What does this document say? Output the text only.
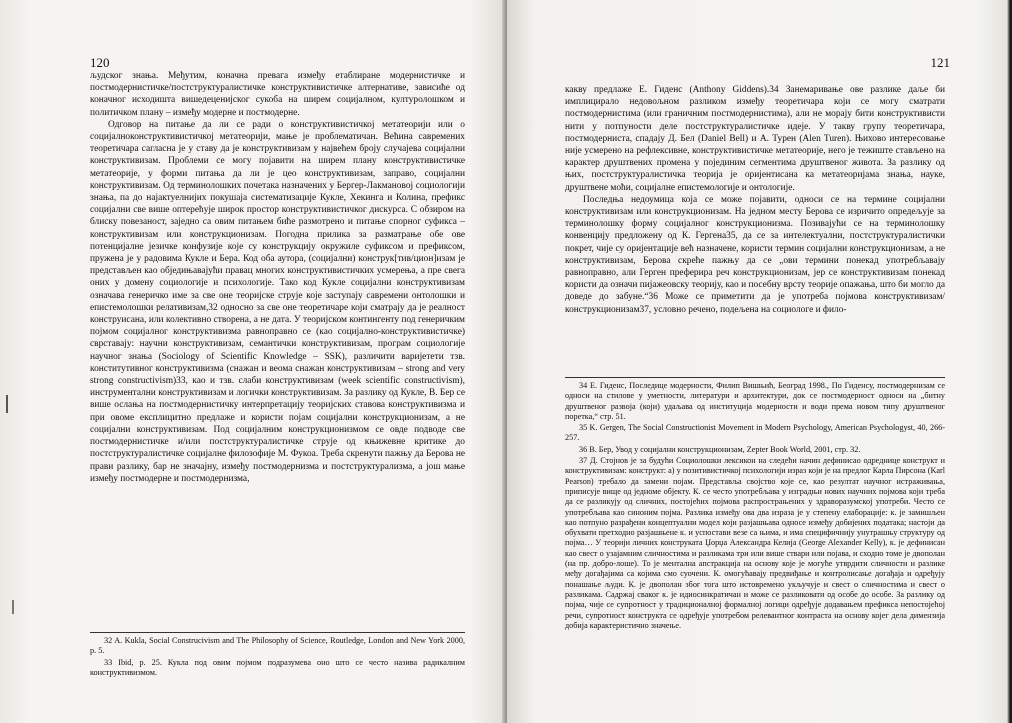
120

људског знања. Међутим, коначна превага између етаблиране модернистичке и постмодернистичке/постструктуралистичке конструктивистичке алтернативе, зависиће од коначног исходишта вишедеценијског сукоба на ширем социјалном, културолошком и политичком плану – између модерне и постмодерне.

Одговор на питање да ли се ради о конструктивистичкој метатеорији или о социјалноконструктивистичкој метатеорији, мање је проблематичан. Већина савремених теоретичара сагласна је у ставу да је конструктивизам у највећем броју случајева социјални конструктивизам. Проблеми се могу појавити на ширем плану конструктивистичке метатеорије, у форми питања да ли је цео конструктивизам, заправо, социјални конструктивизам. Од терминолошких почетака назначених у Бергер-Лакмановој социологији знања, па до најактуелнијих покушаја систематизације Кукле, Хекинга и Колина, префикс социјални све више оптерећује широк простор конструктивистичког дискурса. С обзиром на блиску повезаност, заједно са овим питањем биће размотрено и питање спорног суфикса – конструктивизам или конструкционизам. Погодна прилика за разматрање обе ове потенцијалне језичке конфузије које су конструкцију окружиле суфиксом и префиксом, пружена је у радовима Кукле и Бера. Код оба аутора, (социјални) конструк[тив/цион]изам је представљен као обједињавајући правац многих конструктивистичких усмерења, а пре свега оних у домену социологије и психологије. Тако код Кукле социјални конструктивизам означава генеричко име за све оне теоријске струје које заступају савремени онтолошки и епистемолошки релативизам,32 односно за све оне теоретичаре који сматрају да је реалност конструисана, или колективно створена, а не дата. У теоријском контингенту под генеричким појмом социјалног конструктивизма равноправно се (као социјално-конструктивистичке) сврставају: научни конструктивизам, семантички конструктивизам, програм социологије научног знања (Sociology of Scientific Knowledge – SSK), различити варијетети тзв. конститутивног конструктивизма (снажан и веома снажан конструктивизам – strong and very strong constructivism)33, као и тзв. слаби конструктивизам (week scientific constructivism), инструментални конструктивизам и логички конструктивизам. За разлику од Кукле, В. Бер се више ослања на постмодернистичку интерпретацију теоријских ставова конструктивизма и при овоме експлицитно предлаже и користи појам социјални конструкционизам, а не социјални конструктивизам. Под социјалним конструкционизмом се овде подводе све постмодернистичке и/или постструктуралистичке струје од књижевне критике до постструктуралистичке социјалне филозофије М. Фукоа. Треба скренути пажњу да Берова не прави разлику, бар не значајну, између постмодернизма и постструктурализма, а још мање између постмодерне и постмодернизма,

32 A. Kukla, Social Construcivism and The Philosophy of Science, Routledge, London and New York 2000, p. 5.

33 Ibid, p. 25. Кукла под овим појмом подразумева оно што се често назива радикалним конструктивизмом.

121

какву предлаже Е. Гиденс (Anthony Giddens).34 Занемаривање ове разлике даље би имплицирало недовољном разликом између теоретичара који се могу сматрати постмодернистима (или граничним постмодернистима), али не морају бити конструктивисти нити у потпуности деле постструктуралистичке идеје. У такву групу теоретичара, постмодерниста, спадају Д. Бел (Daniel Bell) и А. Турен (Alen Turen). Њихово интересовање није усмерено на рефлексивне, конструктивистичке метатеорије, него је тежиште стављено на карактер друштвених промена у појединим сегментима друштвеног живота. За разлику од њих, постструктуралистичка теорија је оријентисана ка метатеоријама знања, науке, друштвене моћи, социјалне епистемологије и онтологије.

Последња недоумица која се може појавити, односи се на термине социјални конструктивизам или конструкционизам. На једном месту Берова се изричито опредељује за терминолошку форму социјалног конструкционизма. Позивајући се на терминолошку конвенцију предложену од К. Гергена35, да се за интелектуални, постструктуралистички покрет, чије су оријентације већ назначене, користи термин социјални конструкционизам, а не конструктивизам, Берова скреће пажњу да се „ови термини понекад употребљавају равноправно, али Герген преферира реч конструкционизам, јер се конструктивизам понекад користи да означи пијажеовску теорију, као и посебну врсту теорије опажања, што би могло да доведе до забуне.“36 Може се приметити да је употреба појмова конструктивизам/ конструкционизам37, условно речено, подељена на социологе и фило-

34 Е. Гиденс, Последице модерности, Филип Вишњић, Београд 1998., По Гиденсу, постмодернизам се односи на стилове у уметности, литератури и архитектури, док се постмодерност односи на „битну друштвеног развоја (који) удаљава од институција модерности и води према новом типу друштвеног поретка,“ стр. 51.

35 K. Gergen, The Social Constructionist Movement in Modern Psychology, American Psychologyst, 40, 266-257.

36 В. Бер, Увод у социјални конструкционизам, Zepter Book World, 2001, стр. 32.

37 Д. Стојнов је за будући Социолошки лексикон на следећи начин дефинисао одреднице конструкт и конструктивизам: конструкт: а) у позитивистичкој психологији израз који је на предлог Карла Пирсона (Karl Pearson) требало да замени појам. Представља својство које се, као резултат научног истраживања, приписује вище од једноме објекту. К. се често употребљава у изградњи нових научних појмова који треба да се разликују од сличних, постојећих појмова распрострањених у здраворазумској употреби. Често се употребљава као синоним појма. Разлика између ова два израза је у степену елаборације: к. је замишљен као потпуно разрађени концептуални модел који разјашњава односе између добијених података; настоји да обухвати претходно разјашњене к. и успостави везе са њима, и има специфичнију унутрашњу структуру од појма… У теорији личних конструката Џорџа Александра Келија (George Alexander Kelly), к. је дефинисан као свест о узајамним сличностима и разликама три или више ствари или појава, и сходно томе је двополан (на пр. добро-лоше). То је ментална апстракција на основу које је могуће утврдити сличности и разлике међу догађајима са којима смо суочени. К. омогућавају предвиђање и контролисање догађаја и одређују понашање људи. К. је двополан због тога што истовремено укључује и свест о сличностима и свест о разликама. Садржај сваког к. је идиосинкратичан и може се разликовати од особе до особе. За разлику од појма, чије се супротност у традиционалној формалној логици одређује додавањем префикса непостојећој речи, супротност конструкта се одређује употребом релевантног контраста на основу којег дела димензија добија карактеристично значење.
